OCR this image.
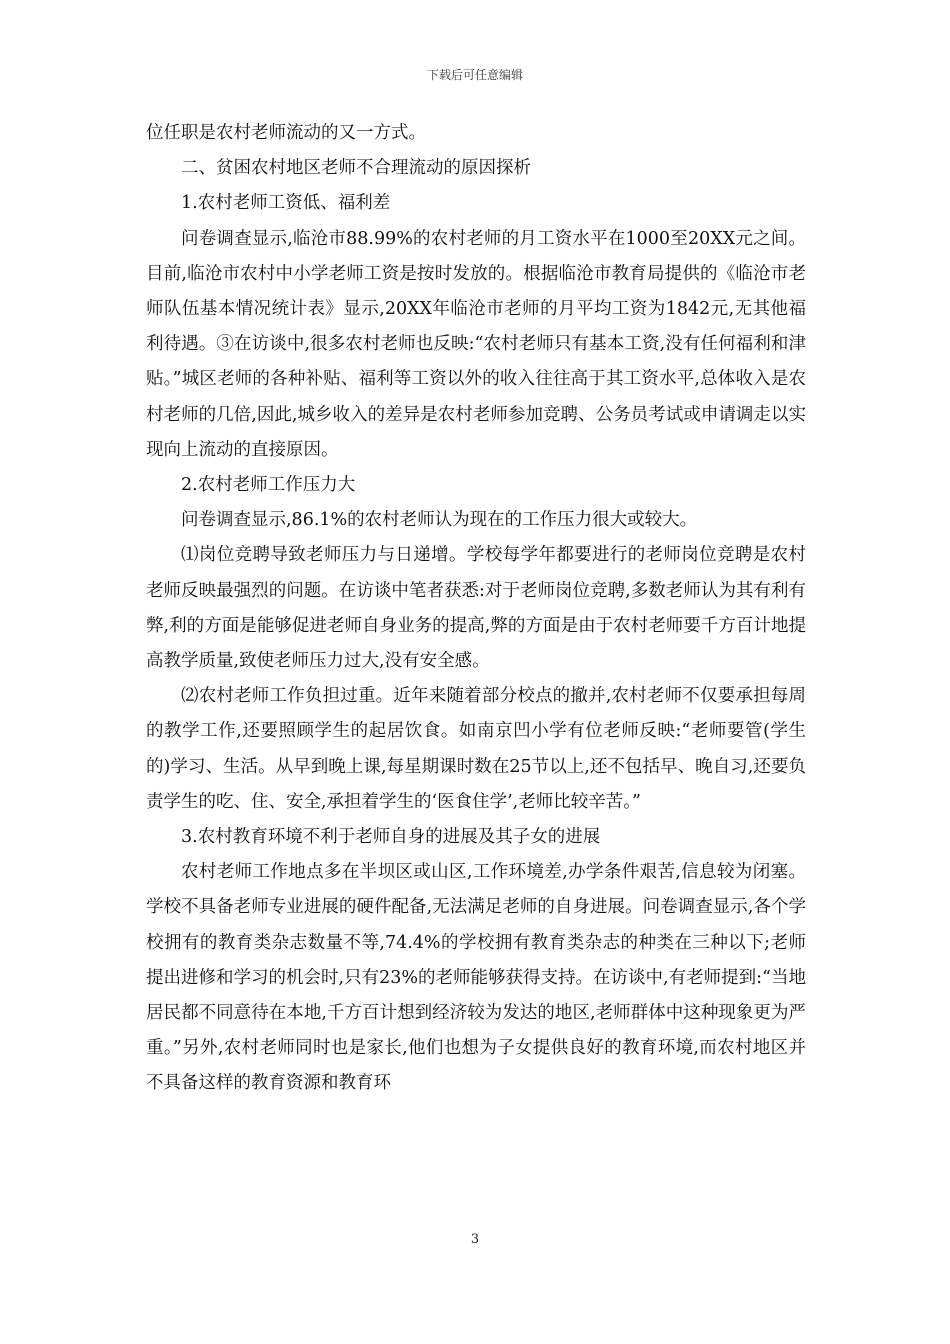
下载后可任意编辑

位任职是农村老师流动的又一方式。

二、贫困农村地区老师不合理流动的原因探析

1.农村老师工资低、福利差

问卷调查显示,临沧市88.99%的农村老师的月工资水平在1000至20XX元之间。目前,临沧市农村中小学老师工资是按时发放的。根据临沧市教育局提供的《临沧市老师队伍基本情况统计表》显示,20XX年临沧市老师的月平均工资为1842元,无其他福利待遇。③在访谈中,很多农村老师也反映:“农村老师只有基本工资,没有任何福利和津贴。”城区老师的各种补贴、福利等工资以外的收入往往高于其工资水平,总体收入是农村老师的几倍,因此,城乡收入的差异是农村老师参加竞聘、公务员考试或申请调走以实现向上流动的直接原因。

2.农村老师工作压力大

问卷调查显示,86.1%的农村老师认为现在的工作压力很大或较大。

⑴岗位竞聘导致老师压力与日递增。学校每学年都要进行的老师岗位竞聘是农村老师反映最强烈的问题。在访谈中笔者获悉:对于老师岗位竞聘,多数老师认为其有利有弊,利的方面是能够促进老师自身业务的提高,弊的方面是由于农村老师要千方百计地提高教学质量,致使老师压力过大,没有安全感。

⑵农村老师工作负担过重。近年来随着部分校点的撤并,农村老师不仅要承担每周的教学工作,还要照顾学生的起居饮食。如南京凹小学有位老师反映:“老师要管(学生的)学习、生活。从早到晚上课,每星期课时数在25节以上,还不包括早、晚自习,还要负责学生的吃、住、安全,承担着学生的‘医食住学’,老师比较辛苦。”

3.农村教育环境不利于老师自身的进展及其子女的进展

农村老师工作地点多在半坝区或山区,工作环境差,办学条件艰苦,信息较为闭塞。学校不具备老师专业进展的硬件配备,无法满足老师的自身进展。问卷调查显示,各个学校拥有的教育类杂志数量不等,74.4%的学校拥有教育类杂志的种类在三种以下;老师提出进修和学习的机会时,只有23%的老师能够获得支持。在访谈中,有老师提到:“当地居民都不同意待在本地,千方百计想到经济较为发达的地区,老师群体中这种现象更为严重。”另外,农村老师同时也是家长,他们也想为子女提供良好的教育环境,而农村地区并不具备这样的教育资源和教育环

3
